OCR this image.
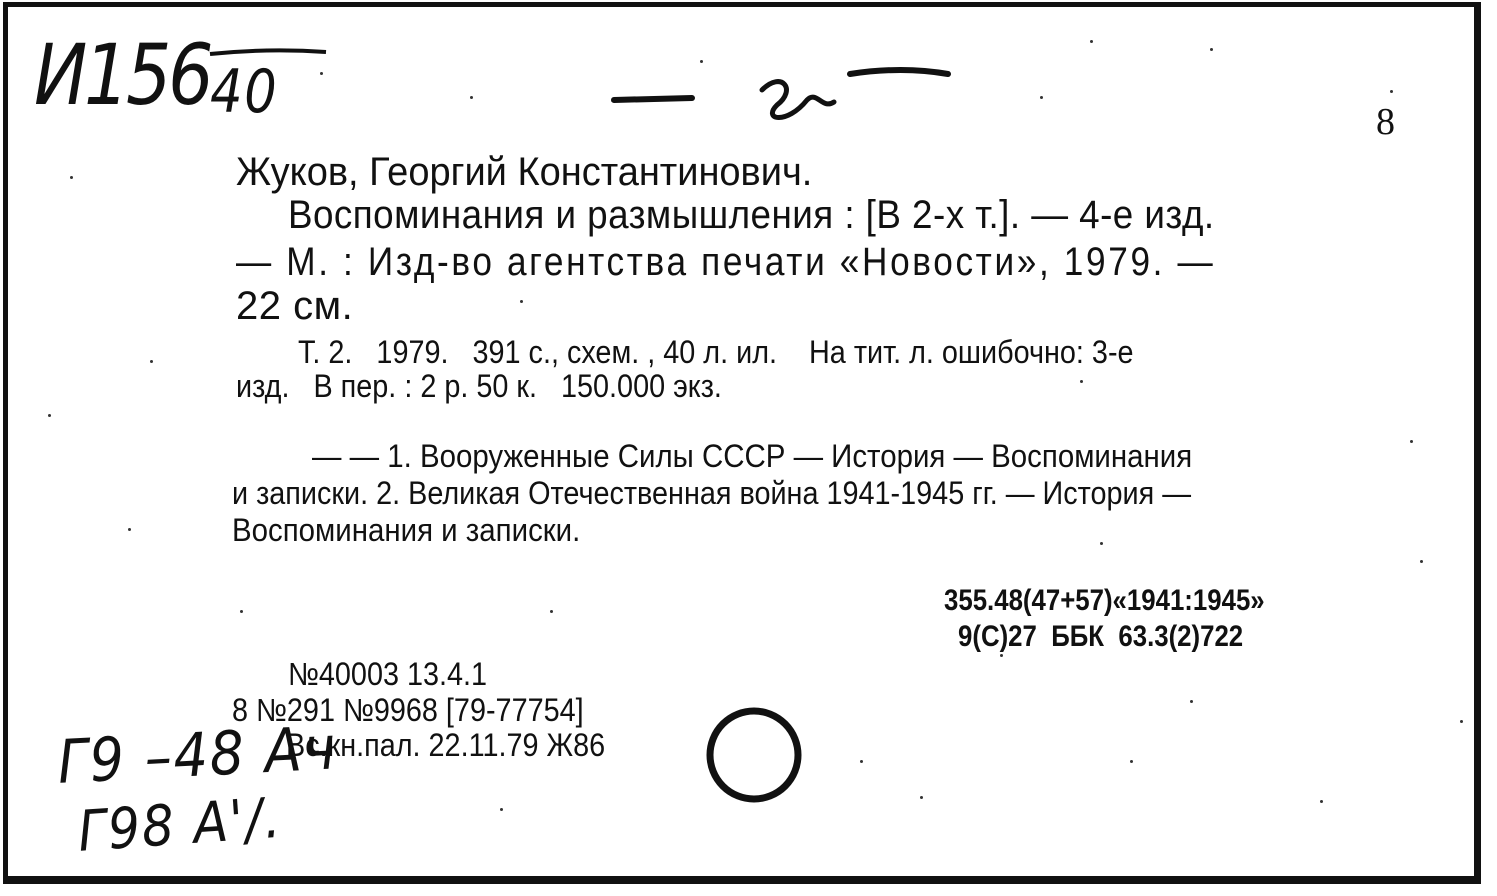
И15640	8
Жуков, Георгий Константинович.
Воспоминания и размышления : [В 2-х т.]. — 4-е изд.
— М. : Изд-во агентства печати «Новости», 1979. —
22 см.
Т. 2.   1979.   391 с., схем. , 40 л. ил.    На тит. л. ошибочно: 3-е
изд.   В пер. : 2 р. 50 к.   150.000 экз.
— — 1. Вооруженные Силы СССР — История — Воспоминания
и записки. 2. Великая Отечественная война 1941-1945 гг. — История —
Воспоминания и записки.
355.48(47+57)«1941:1945»
9(С)27  ББК  63.3(2)722
№40003 13.4.1
8 №291 №9968 [79-77754]
Вс.кн.пал. 22.11.79 Ж86
Г9 –48 Ач
Г98 А'/.
